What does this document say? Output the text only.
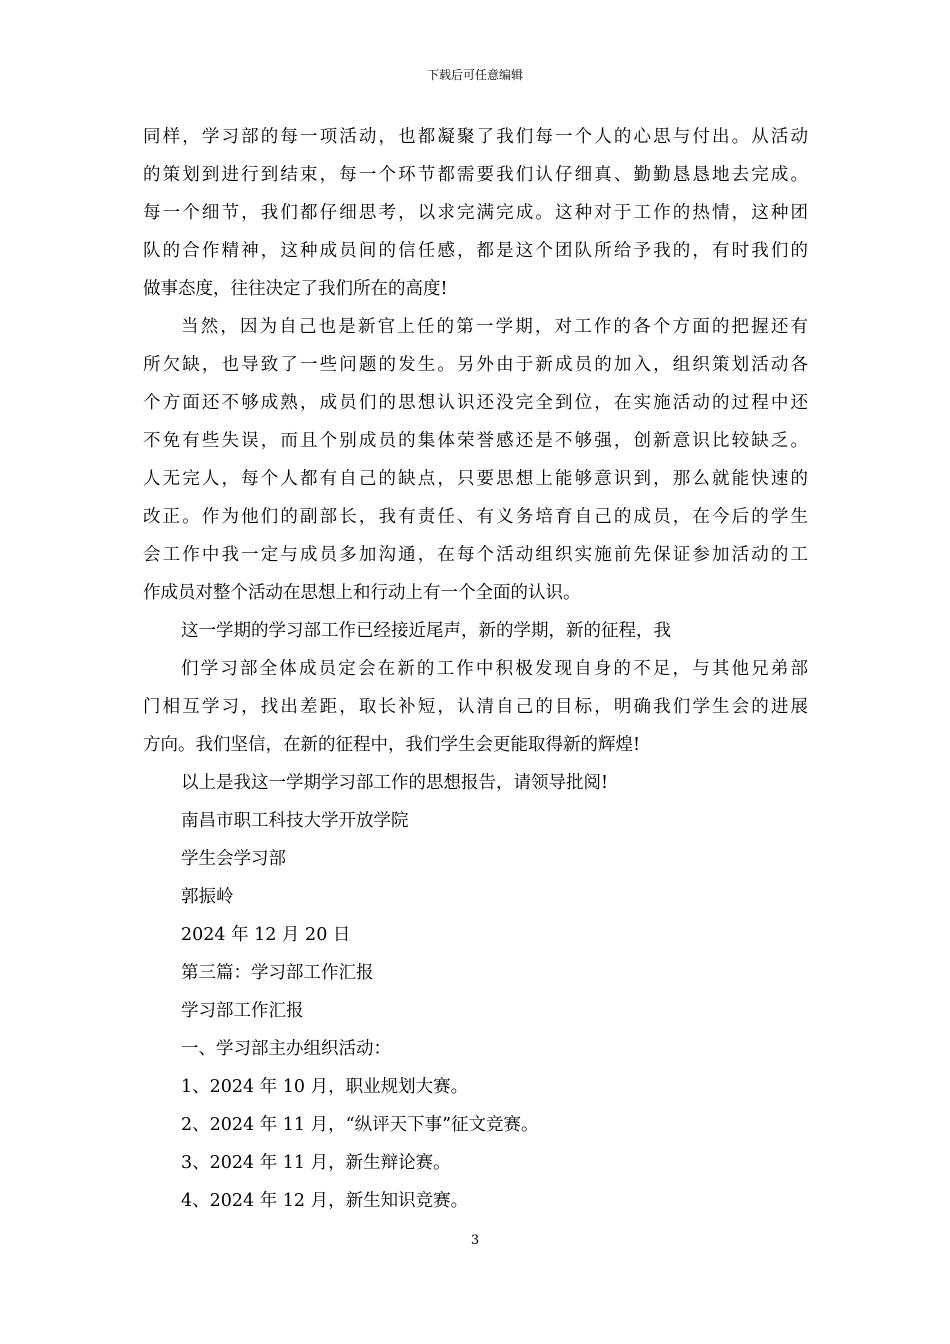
下载后可任意编辑
同样，学习部的每一项活动，也都凝聚了我们每一个人的心思与付出。从活动
的策划到进行到结束，每一个环节都需要我们认仔细真、勤勤恳恳地去完成。
每一个细节，我们都仔细思考，以求完满完成。这种对于工作的热情，这种团
队的合作精神，这种成员间的信任感，都是这个团队所给予我的，有时我们的
做事态度，往往决定了我们所在的高度!
当然，因为自己也是新官上任的第一学期，对工作的各个方面的把握还有
所欠缺，也导致了一些问题的发生。另外由于新成员的加入，组织策划活动各
个方面还不够成熟，成员们的思想认识还没完全到位，在实施活动的过程中还
不免有些失误，而且个别成员的集体荣誉感还是不够强，创新意识比较缺乏。
人无完人，每个人都有自己的缺点，只要思想上能够意识到，那么就能快速的
改正。作为他们的副部长，我有责任、有义务培育自己的成员，在今后的学生
会工作中我一定与成员多加沟通，在每个活动组织实施前先保证参加活动的工
作成员对整个活动在思想上和行动上有一个全面的认识。
这一学期的学习部工作已经接近尾声，新的学期，新的征程，我
们学习部全体成员定会在新的工作中积极发现自身的不足，与其他兄弟部
门相互学习，找出差距，取长补短，认清自己的目标，明确我们学生会的进展
方向。我们坚信，在新的征程中，我们学生会更能取得新的辉煌!
以上是我这一学期学习部工作的思想报告，请领导批阅!
南昌市职工科技大学开放学院
学生会学习部
郭振岭
2024 年 12 月 20 日
第三篇：学习部工作汇报
学习部工作汇报
一、学习部主办组织活动：
1、2024 年 10 月，职业规划大赛。
2、2024 年 11 月，“纵评天下事”征文竞赛。
3、2024 年 11 月，新生辩论赛。
4、2024 年 12 月，新生知识竞赛。
3
